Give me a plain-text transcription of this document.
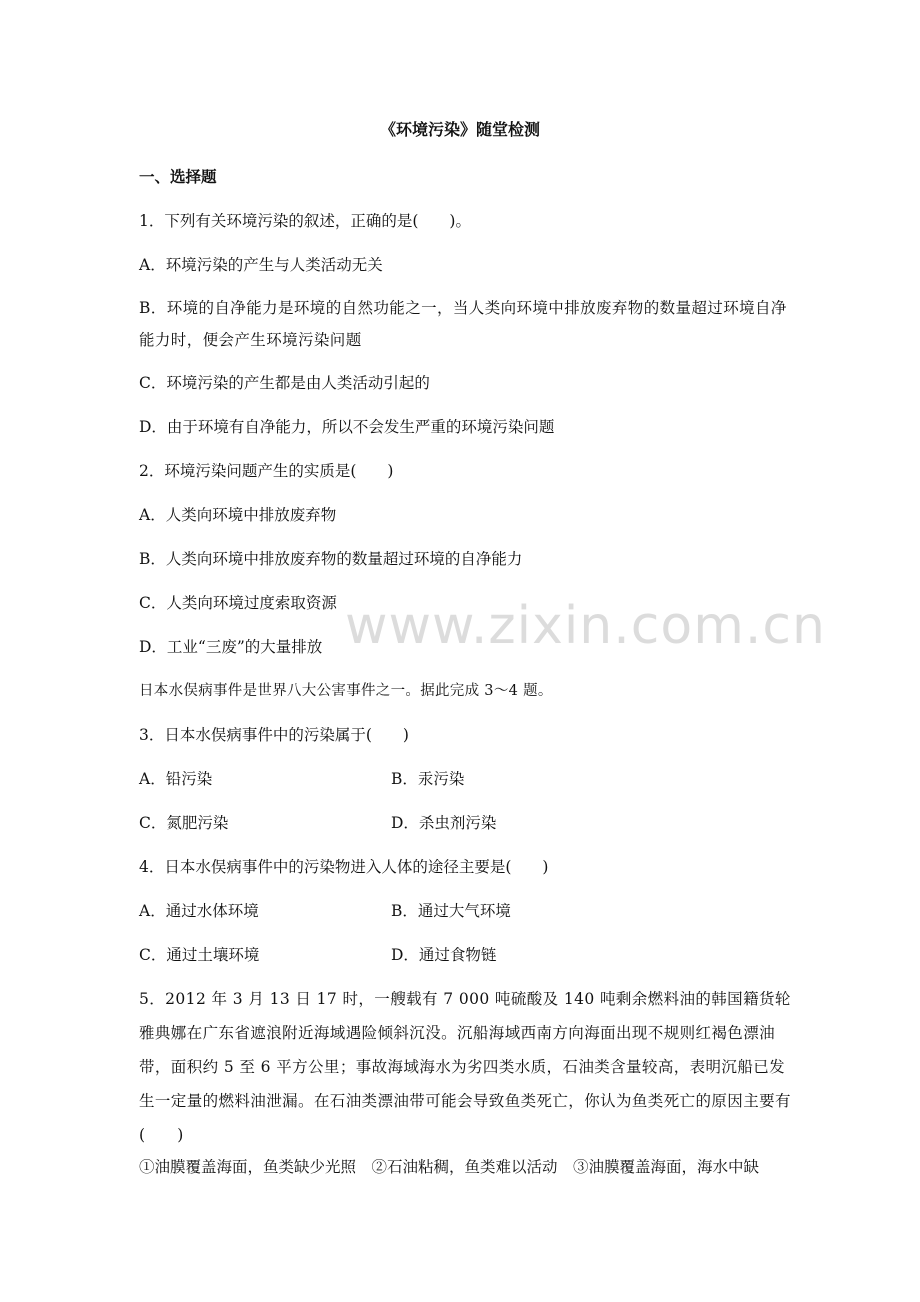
《环境污染》随堂检测
一、选择题
1．下列有关环境污染的叙述，正确的是(　　)。
A．环境污染的产生与人类活动无关
B．环境的自净能力是环境的自然功能之一，当人类向环境中排放废弃物的数量超过环境自净能力时，便会产生环境污染问题
C．环境污染的产生都是由人类活动引起的
D．由于环境有自净能力，所以不会发生严重的环境污染问题
2．环境污染问题产生的实质是(　　)
A．人类向环境中排放废弃物
B．人类向环境中排放废弃物的数量超过环境的自净能力
C．人类向环境过度索取资源
D．工业“三废”的大量排放 www.zixin.com.cn
日本水俣病事件是世界八大公害事件之一。据此完成 3～4 题。
3．日本水俣病事件中的污染属于(　　)
A．铅污染	B．汞污染
C．氮肥污染	D．杀虫剂污染
4．日本水俣病事件中的污染物进入人体的途径主要是(　　)
A．通过水体环境	B．通过大气环境
C．通过土壤环境	D．通过食物链
5．2012 年 3 月 13 日 17 时，一艘载有 7 000 吨硫酸及 140 吨剩余燃料油的韩国籍货轮雅典娜在广东省遮浪附近海域遇险倾斜沉没。沉船海域西南方向海面出现不规则红褐色漂油带，面积约 5 至 6 平方公里；事故海域海水为劣四类水质，石油类含量较高，表明沉船已发生一定量的燃料油泄漏。在石油类漂油带可能会导致鱼类死亡，你认为鱼类死亡的原因主要有(　　)
①油膜覆盖海面，鱼类缺少光照　②石油粘稠，鱼类难以活动　③油膜覆盖海面，海水中缺
